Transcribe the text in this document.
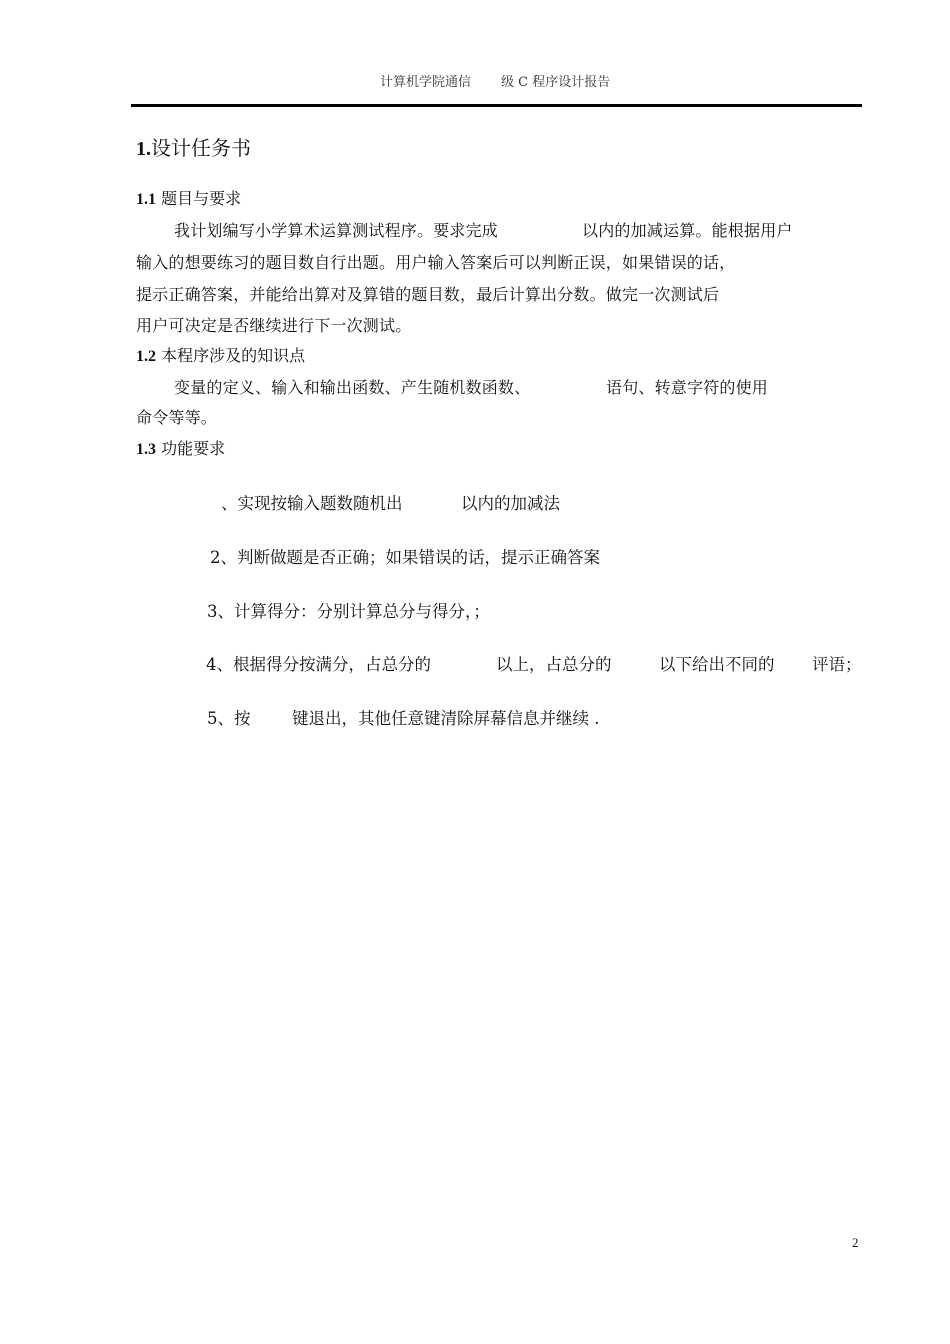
计算机学院通信 级 C 程序设计报告
1.设计任务书
1.1 题目与要求
我计划编写小学算术运算测试程序。要求完成	以内的加减运算。能根据用户
输入的想要练习的题目数自行出题。用户输入答案后可以判断正误，如果错误的话，
提示正确答案，并能给出算对及算错的题目数，最后计算出分数。做完一次测试后
用户可决定是否继续进行下一次测试。
1.2 本程序涉及的知识点
变量的定义、输入和输出函数、产生随机数函数、	语句、转意字符的使用
命令等等。
1.3 功能要求
、实现按输入题数随机出	以内的加减法
2、判断做题是否正确；如果错误的话，提示正确答案
3、计算得分：分别计算总分与得分，；
4、根据得分按满分，占总分的	以上，占总分的	以下给出不同的 评语；
5、按	键退出，其他任意键清除屏幕信息并继续 .
2
